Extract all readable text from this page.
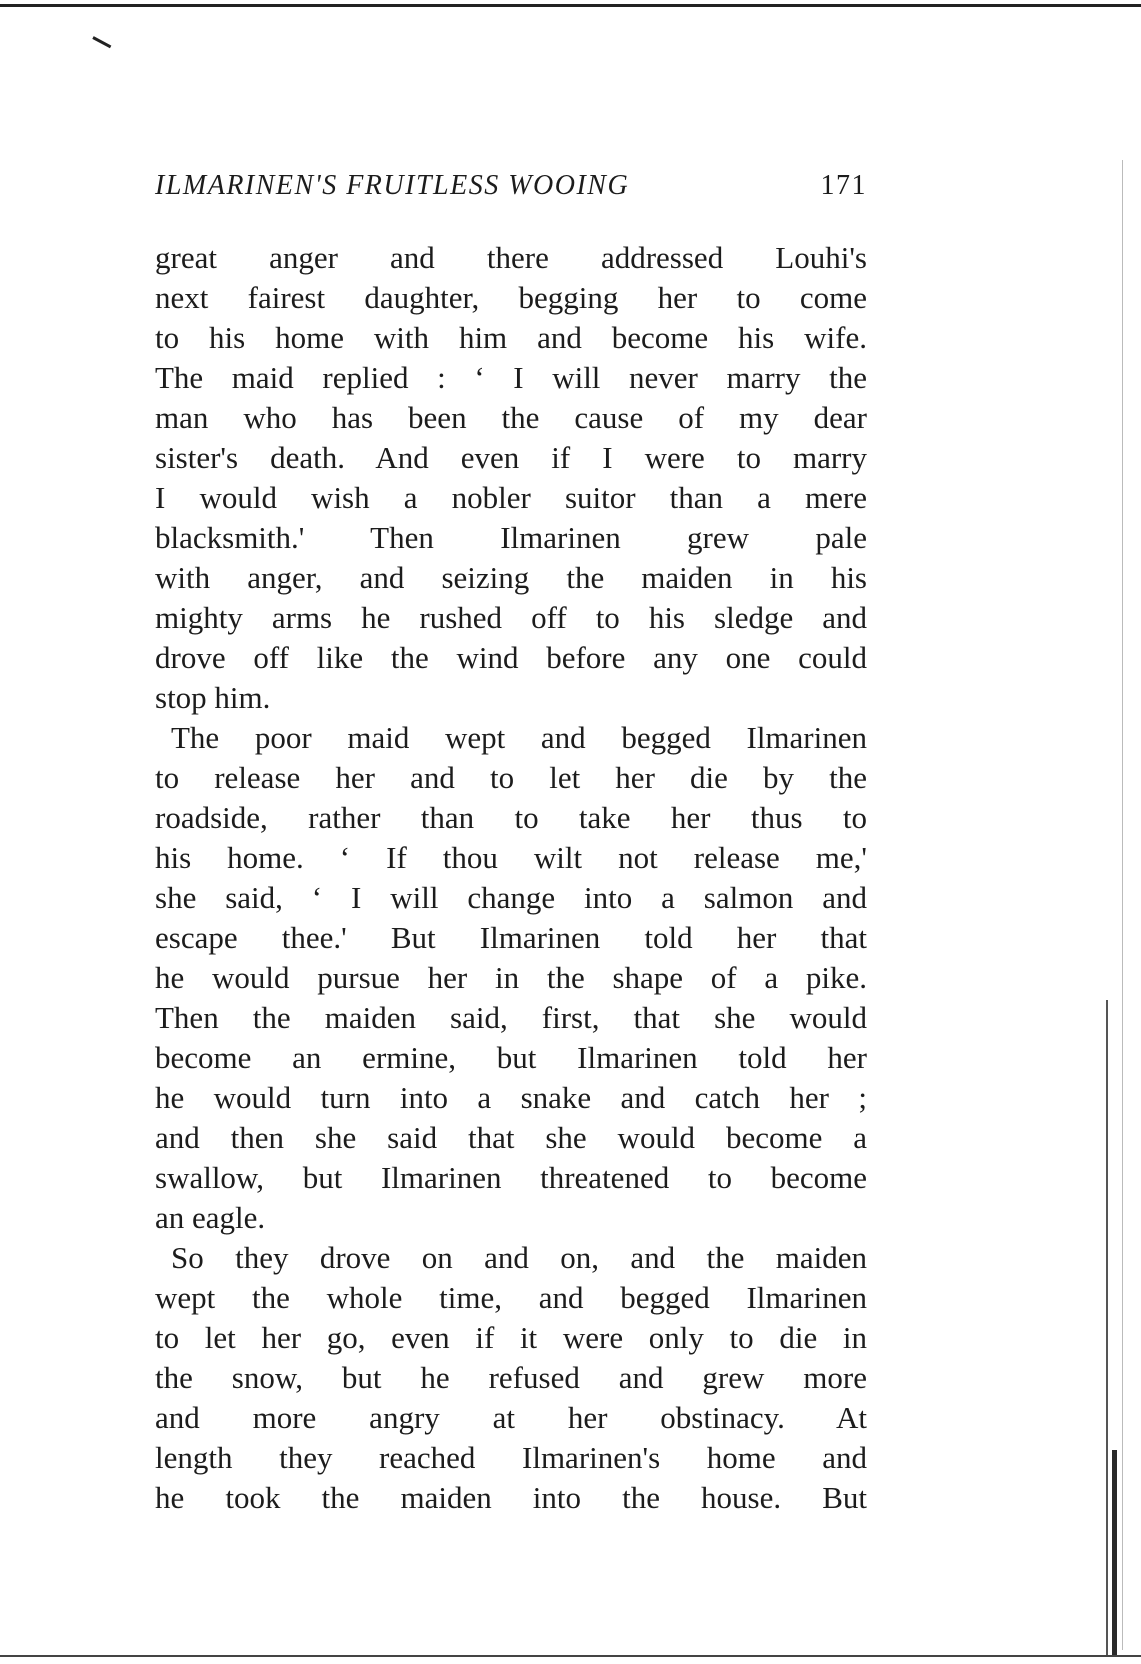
ILMARINEN'S FRUITLESS WOOING	171
great anger and there addressed Louhi's
next fairest daughter, begging her to come
to his home with him and become his wife.
The maid replied : ‘ I will never marry the
man who has been the cause of my dear
sister's death. And even if I were to marry
I would wish a nobler suitor than a mere
blacksmith.' Then Ilmarinen grew pale
with anger, and seizing the maiden in his
mighty arms he rushed off to his sledge and
drove off like the wind before any one could
stop him.
The poor maid wept and begged Ilmarinen
to release her and to let her die by the
roadside, rather than to take her thus to
his home. ‘ If thou wilt not release me,'
she said, ‘ I will change into a salmon and
escape thee.' But Ilmarinen told her that
he would pursue her in the shape of a pike.
Then the maiden said, first, that she would
become an ermine, but Ilmarinen told her
he would turn into a snake and catch her ;
and then she said that she would become a
swallow, but Ilmarinen threatened to become
an eagle.
So they drove on and on, and the maiden
wept the whole time, and begged Ilmarinen
to let her go, even if it were only to die in
the snow, but he refused and grew more
and more angry at her obstinacy. At
length they reached Ilmarinen's home and
he took the maiden into the house. But
